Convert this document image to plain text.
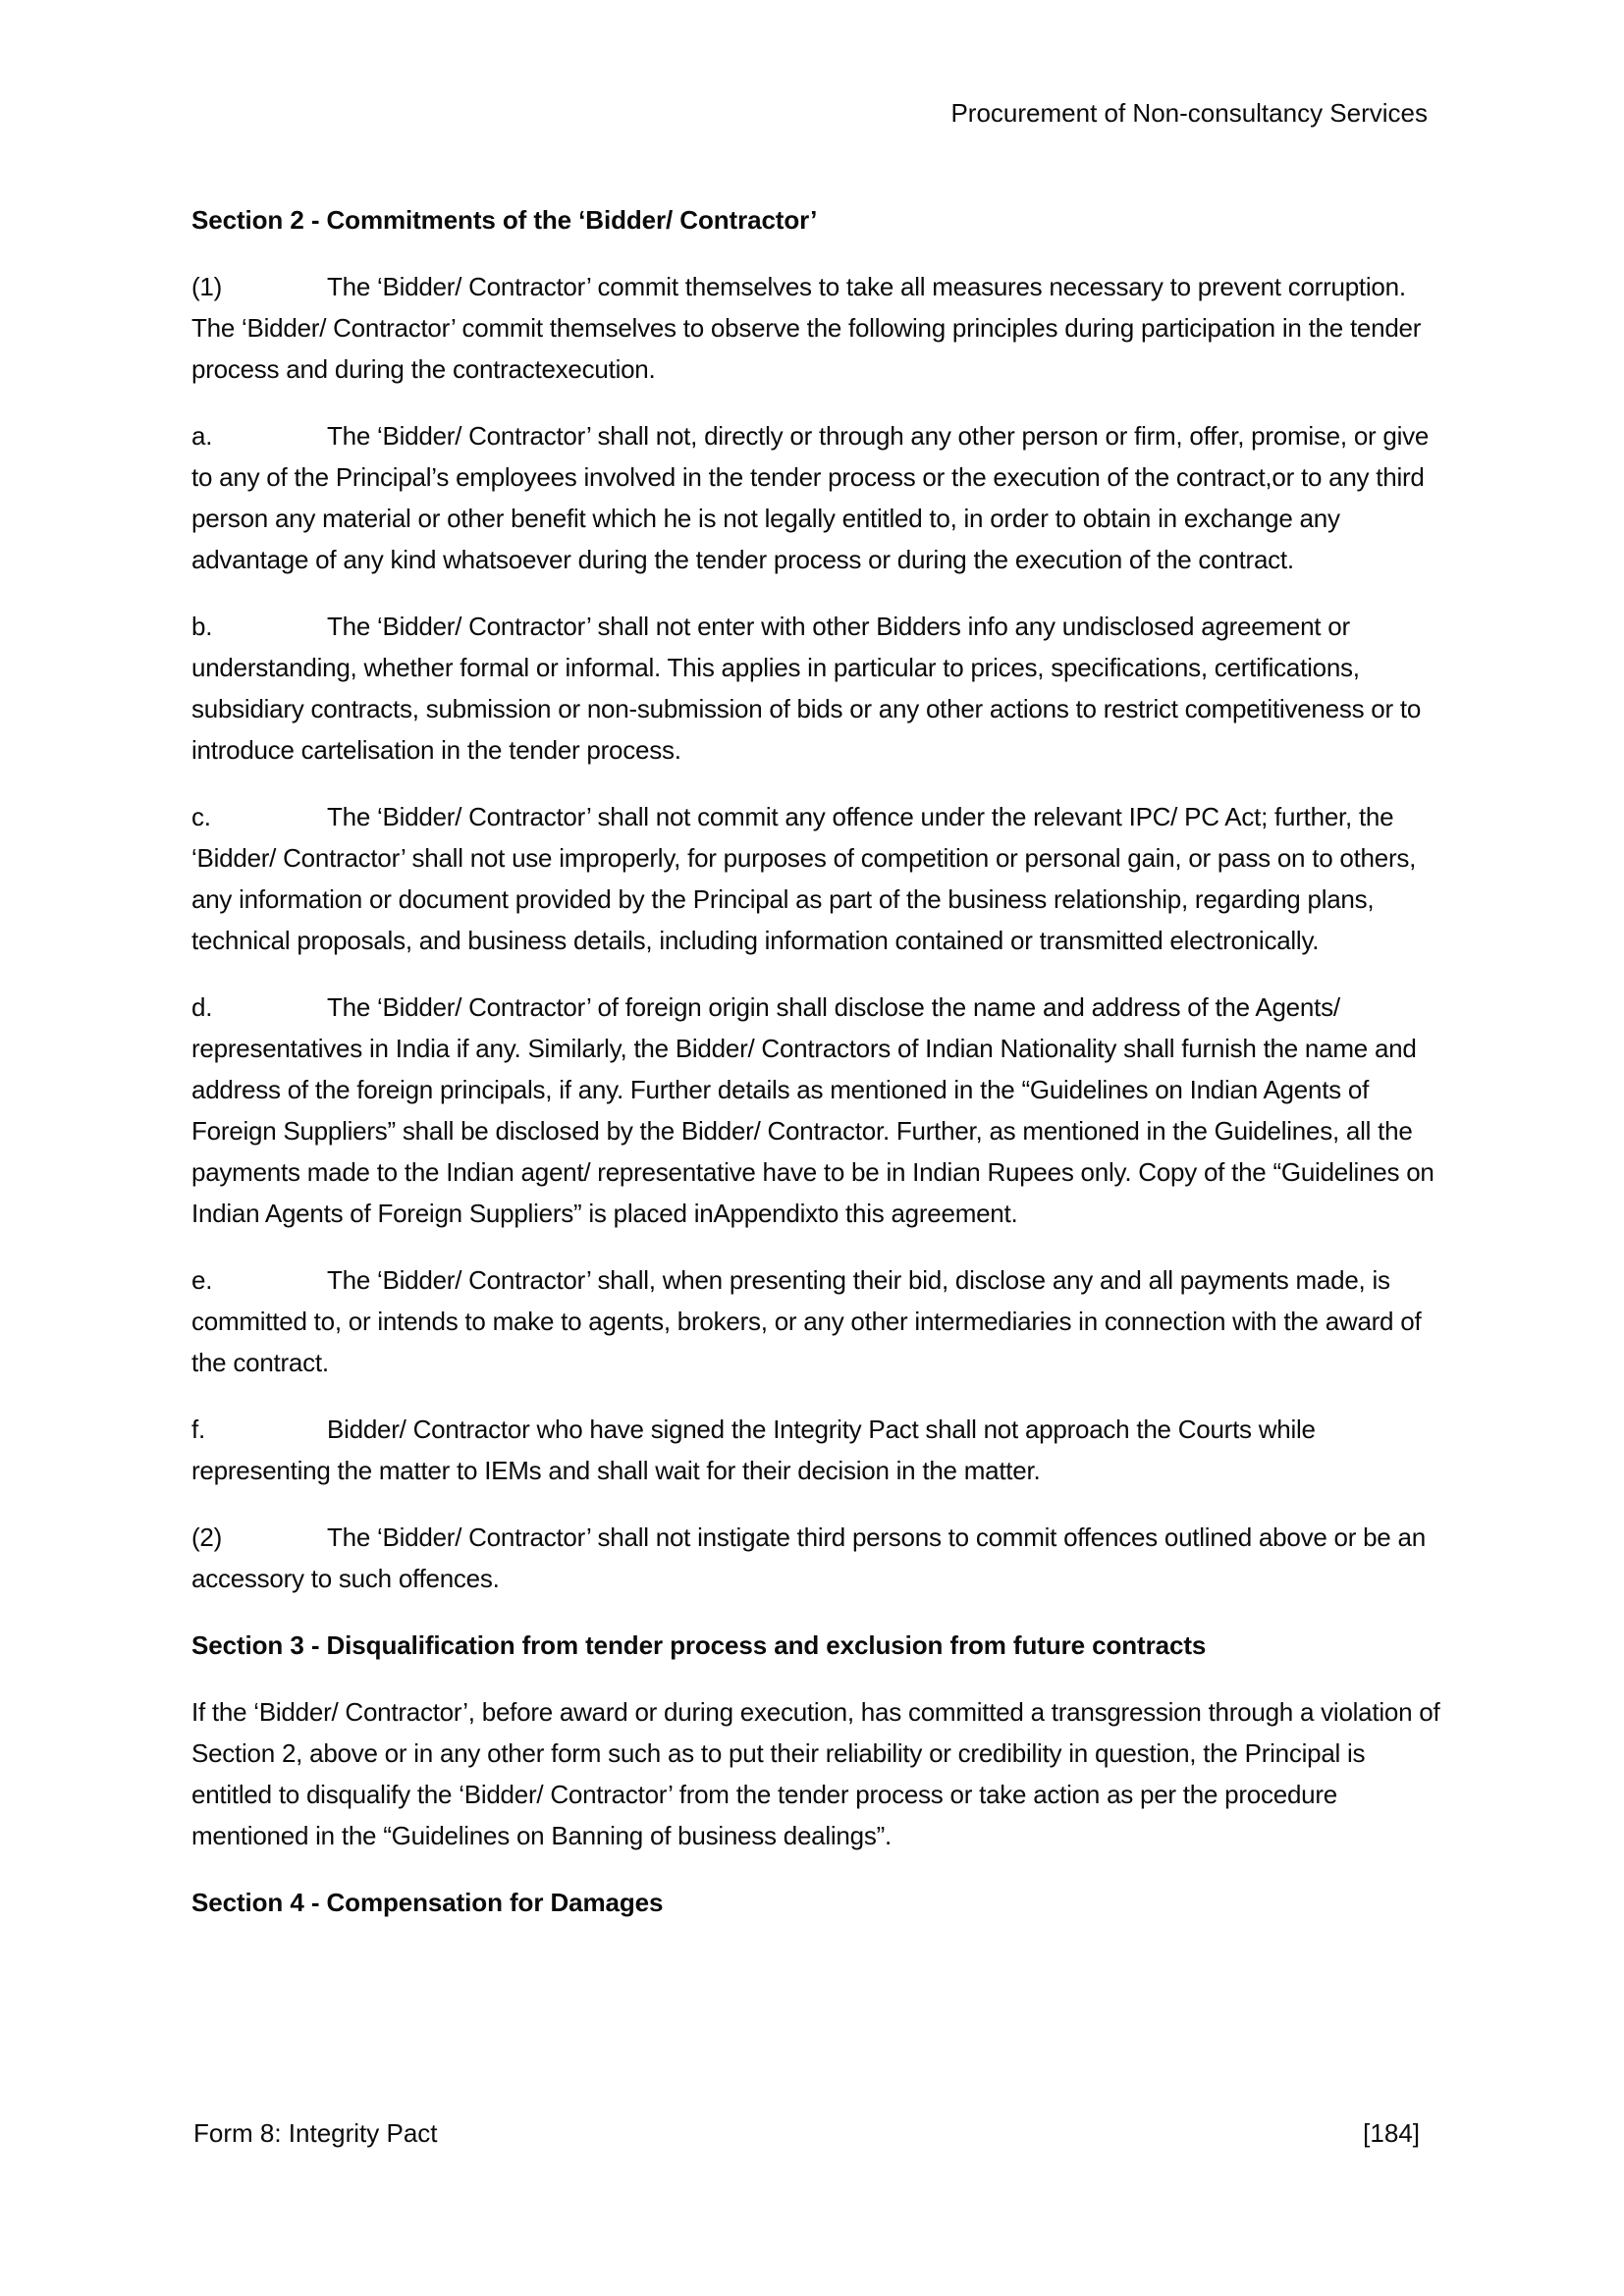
Procurement of Non-consultancy Services
Section 2 - Commitments of the ‘Bidder/ Contractor’

(1)	The ‘Bidder/ Contractor’ commit themselves to take all measures necessary to prevent corruption. The ‘Bidder/ Contractor’ commit themselves to observe the following principles during participation in the tender process and during the contractexecution.

a.	The ‘Bidder/ Contractor’ shall not, directly or through any other person or firm, offer, promise, or give to any of the Principal’s employees involved in the tender process or the execution of the contract,or to any third person any material or other benefit which he is not legally entitled to, in order to obtain in exchange any advantage of any kind whatsoever during the tender process or during the execution of the contract.

b.	The ‘Bidder/ Contractor’ shall not enter with other Bidders info any undisclosed agreement or understanding, whether formal or informal. This applies in particular to prices, specifications, certifications, subsidiary contracts, submission or non-submission of bids or any other actions to restrict competitiveness or to introduce cartelisation in the tender process.

c.	The ‘Bidder/ Contractor’ shall not commit any offence under the relevant IPC/ PC Act; further, the ‘Bidder/ Contractor’ shall not use improperly, for purposes of competition or personal gain, or pass on to others, any information or document provided by the Principal as part of the business relationship, regarding plans, technical proposals, and business details, including information contained or transmitted electronically.

d.	The ‘Bidder/ Contractor’ of foreign origin shall disclose the name and address of the Agents/ representatives in India if any. Similarly, the Bidder/ Contractors of Indian Nationality shall furnish the name and address of the foreign principals, if any. Further details as mentioned in the “Guidelines on Indian Agents of Foreign Suppliers” shall be disclosed by the Bidder/ Contractor. Further, as mentioned in the Guidelines, all the payments made to the Indian agent/ representative have to be in Indian Rupees only. Copy of the “Guidelines on Indian Agents of Foreign Suppliers” is placed inAppendixto this agreement.

e.	The ‘Bidder/ Contractor’ shall, when presenting their bid, disclose any and all payments made, is committed to, or intends to make to agents, brokers, or any other intermediaries in connection with the award of the contract.

f.	Bidder/ Contractor who have signed the Integrity Pact shall not approach the Courts while representing the matter to IEMs and shall wait for their decision in the matter.

(2)	The ‘Bidder/ Contractor’ shall not instigate third persons to commit offences outlined above or be an accessory to such offences.

Section 3 - Disqualification from tender process and exclusion from future contracts

If the ‘Bidder/ Contractor’, before award or during execution, has committed a transgression through a violation of Section 2, above or in any other form such as to put their reliability or credibility in question, the Principal is entitled to disqualify the ‘Bidder/ Contractor’ from the tender process or take action as per the procedure mentioned in the “Guidelines on Banning of business dealings”.

Section 4 - Compensation for Damages
Form 8: Integrity Pact	[184]
